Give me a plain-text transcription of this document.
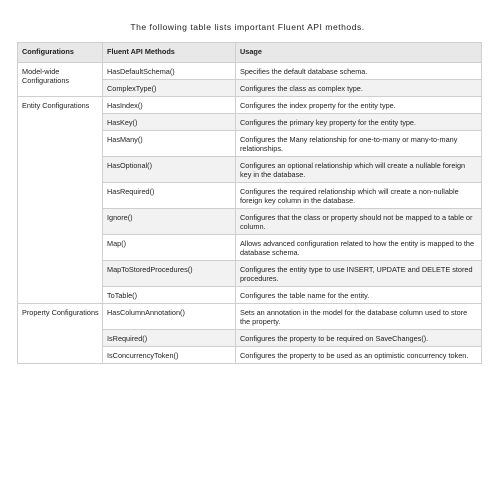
The following table lists important Fluent API methods.
Configurations	Fluent API Methods	Usage
Model-wide Configurations	HasDefaultSchema()	Specifies the default database schema.
	ComplexType()	Configures the class as complex type.
Entity Configurations	HasIndex()	Configures the index property for the entity type.
	HasKey()	Configures the primary key property for the entity type.
	HasMany()	Configures the Many relationship for one-to-many or many-to-many relationships.
	HasOptional()	Configures an optional relationship which will create a nullable foreign key in the database.
	HasRequired()	Configures the required relationship which will create a non-nullable foreign key column in the database.
	Ignore()	Configures that the class or property should not be mapped to a table or column.
	Map()	Allows advanced configuration related to how the entity is mapped to the database schema.
	MapToStoredProcedures()	Configures the entity type to use INSERT, UPDATE and DELETE stored procedures.
	ToTable()	Configures the table name for the entity.
Property Configurations	HasColumnAnnotation()	Sets an annotation in the model for the database column used to store the property.
	IsRequired()	Configures the property to be required on SaveChanges().
	IsConcurrencyToken()	Configures the property to be used as an optimistic concurrency token.
